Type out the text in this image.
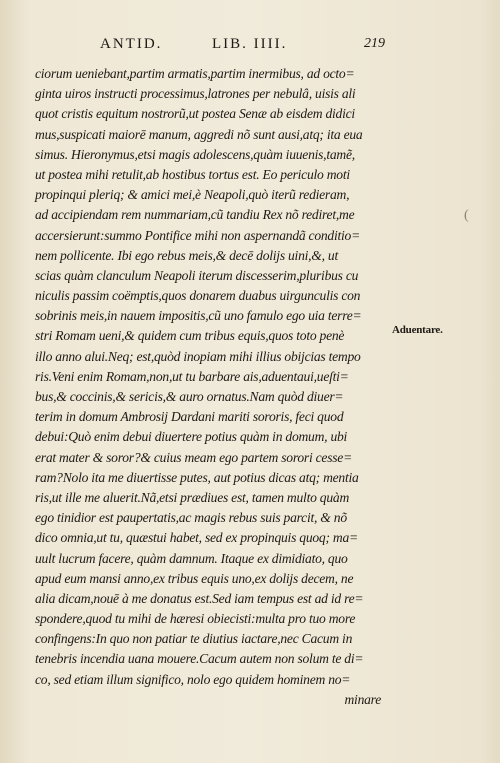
ANTID.	LIB. IIII.	219
ciorum ueniebant,partim armatis,partim inermibus, ad octo=
ginta uiros instructi processimus,latrones per nebulâ, uisis ali
quot cristis equitum nostrorũ,ut postea Senæ ab eisdem didici
mus,suspicati maiorē manum, aggredi nõ sunt ausi,atq; ita eua
simus. Hieronymus,etsi magis adolescens,quàm iuuenis,tamẽ,
ut postea mihi retulit,ab hostibus tortus est. Eo periculo moti
propinqui pleriq; & amici mei,è Neapoli,quò iterũ redieram,
ad accipiendam rem nummariam,cũ tandiu Rex nõ rediret,me
accersierunt:summo Pontifice mihi non aspernandã conditio=
nem pollicente. Ibi ego rebus meis,& decē dolijs uini,&, ut
scias quàm clanculum Neapoli iterum discesserim,pluribus cu
niculis passim coëmptis,quos donarem duabus uirgunculis con
sobrinis meis,in nauem impositis,cũ uno famulo ego uia terre=
stri Romam ueni,& quidem cum tribus equis,quos toto penè
illo anno alui.Neq; est,quòd inopiam mihi illius obijcias tempo
ris.Veni enim Romam,non,ut tu barbare ais,aduentaui,ueſti=
bus,& coccinis,& sericis,& auro ornatus.Nam quòd diuer=
terim in domum Ambrosij Dardani mariti sororis, feci quod
debui:Quò enim debui diuertere potius quàm in domum, ubi
erat mater & soror?& cuius meam ego partem sorori cesse=
ram?Nolo ita me diuertisse putes, aut potius dicas atq; mentia
ris,ut ille me aluerit.Nã,etsi prædiues est, tamen multo quàm
ego tinidior est paupertatis,ac magis rebus suis parcit, & nõ
dico omnia,ut tu, quæstui habet, sed ex propinquis quoq; ma=
uult lucrum facere, quàm damnum. Itaque ex dimidiato, quo
apud eum mansi anno,ex tribus equis uno,ex dolijs decem, ne
alia dicam,nouē à me donatus est.Sed iam tempus est ad id re=
spondere,quod tu mihi de hæresi obiecisti:multa pro tuo more
confingens:In quo non patiar te diutius iactare,nec Cacum in
tenebris incendia uana mouere.Cacum autem non solum te di=
co, sed etiam illum significo, nolo ego quidem hominem no=
minare
Aduentare.
(
